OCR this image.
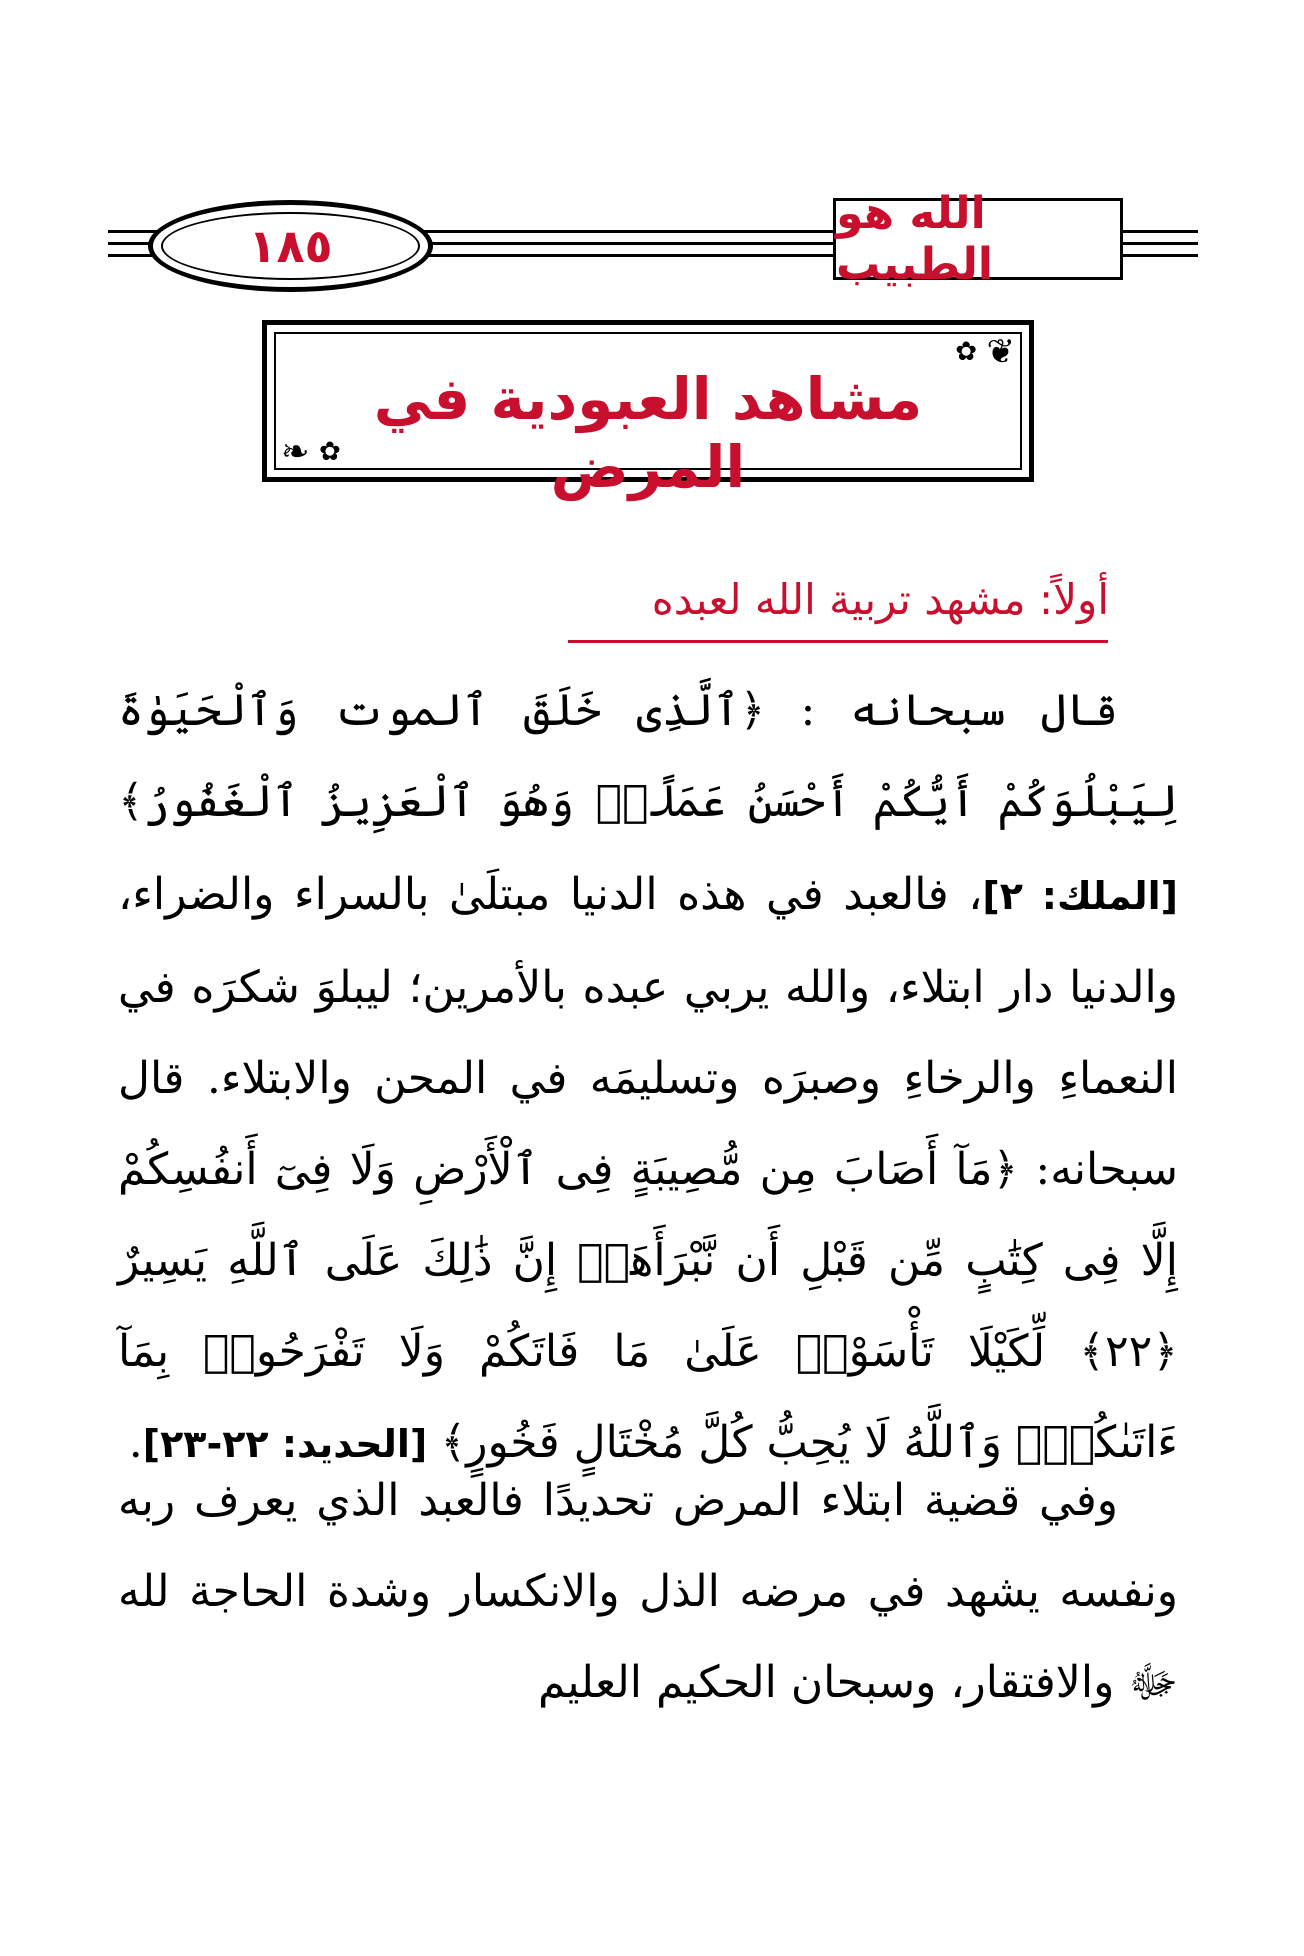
١٨٥
الله هو الطبيب
❦
✿
❧ ✿
مشاهد العبودية في المرض
أولاً: مشهد تربية الله لعبده
قال سبحانه : ﴿ٱلَّذِى خَلَقَ ٱلموت وَٱلْحَيَوٰةَ لِيَبْلُوَكُمْ أَيُّكُمْ أَحْسَنُ عَمَلًاۚ وَهُوَ ٱلْعَزِيزُ ٱلْغَفُورُ﴾ [الملك: ٢]، فالعبد في هذه الدنيا مبتلَىٰ بالسراء والضراء، والدنيا دار ابتلاء، والله يربي عبده بالأمرين؛ ليبلوَ شكرَه في النعماءِ والرخاءِ وصبرَه وتسليمَه في المحن والابتلاء. قال سبحانه: ﴿مَآ أَصَابَ مِن مُّصِيبَةٍ فِى ٱلْأَرْضِ وَلَا فِىٓ أَنفُسِكُمْ إِلَّا فِى كِتَٰبٍ مِّن قَبْلِ أَن نَّبْرَأَهَآۚ إِنَّ ذَٰلِكَ عَلَى ٱللَّهِ يَسِيرٌ ﴿٢٢﴾ لِّكَيْلَا تَأْسَوْا۟ عَلَىٰ مَا فَاتَكُمْ وَلَا تَفْرَحُوا۟ بِمَآ ءَاتَىٰكُمْۗ وَٱللَّهُ لَا يُحِبُّ كُلَّ مُخْتَالٍ فَخُورٍ﴾ [الحديد: ٢٢-٢٣].
وفي قضية ابتلاء المرض تحديدًا فالعبد الذي يعرف ربه ونفسه يشهد في مرضه الذل والانكسار وشدة الحاجة لله ﷻ والافتقار، وسبحان الحكيم العليم
